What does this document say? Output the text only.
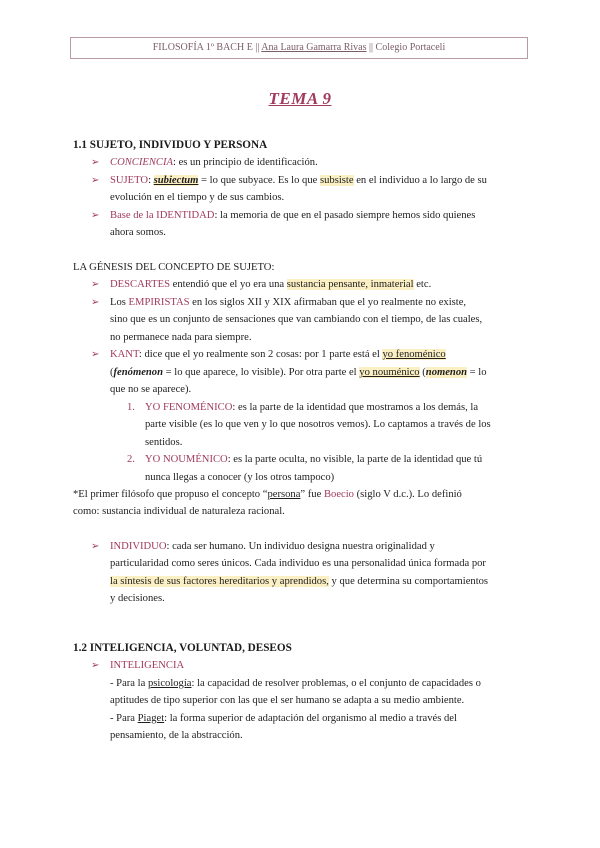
FILOSOFÍA 1º BACH E || Ana Laura Gamarra Rivas || Colegio Portaceli
TEMA 9
1.1 SUJETO, INDIVIDUO Y PERSONA
➢ CONCIENCIA: es un principio de identificación.
➢ SUJETO: subiectum = lo que subyace. Es lo que subsiste en el individuo a lo largo de su
evolución en el tiempo y de sus cambios.
➢ Base de la IDENTIDAD: la memoria de que en el pasado siempre hemos sido quienes
ahora somos.
LA GÉNESIS DEL CONCEPTO DE SUJETO:
➢ DESCARTES entendió que el yo era una sustancia pensante, inmaterial etc.
➢ Los EMPIRISTAS en los siglos XII y XIX afirmaban que el yo realmente no existe,
sino que es un conjunto de sensaciones que van cambiando con el tiempo, de las cuales,
no permanece nada para siempre.
➢ KANT: dice que el yo realmente son 2 cosas: por 1 parte está el yo fenoménico
(fenómenon = lo que aparece, lo visible). Por otra parte el yo nouménico (nomenon = lo
que no se aparece).
1. YO FENOMÉNICO: es la parte de la identidad que mostramos a los demás, la
parte visible (es lo que ven y lo que nosotros vemos). Lo captamos a través de los
sentidos.
2. YO NOUMÉNICO: es la parte oculta, no visible, la parte de la identidad que tú
nunca llegas a conocer (y los otros tampoco)
*El primer filósofo que propuso el concepto “persona” fue Boecio (siglo V d.c.). Lo definió
como: sustancia individual de naturaleza racional.
➢ INDIVIDUO: cada ser humano. Un individuo designa nuestra originalidad y
particularidad como seres únicos. Cada individuo es una personalidad única formada por
la síntesis de sus factores hereditarios y aprendidos, y que determina su comportamientos
y decisiones.
1.2 INTELIGENCIA, VOLUNTAD, DESEOS
➢ INTELIGENCIA
- Para la psicología: la capacidad de resolver problemas, o el conjunto de capacidades o
aptitudes de tipo superior con las que el ser humano se adapta a su medio ambiente.
- Para Piaget: la forma superior de adaptación del organismo al medio a través del
pensamiento, de la abstracción.
